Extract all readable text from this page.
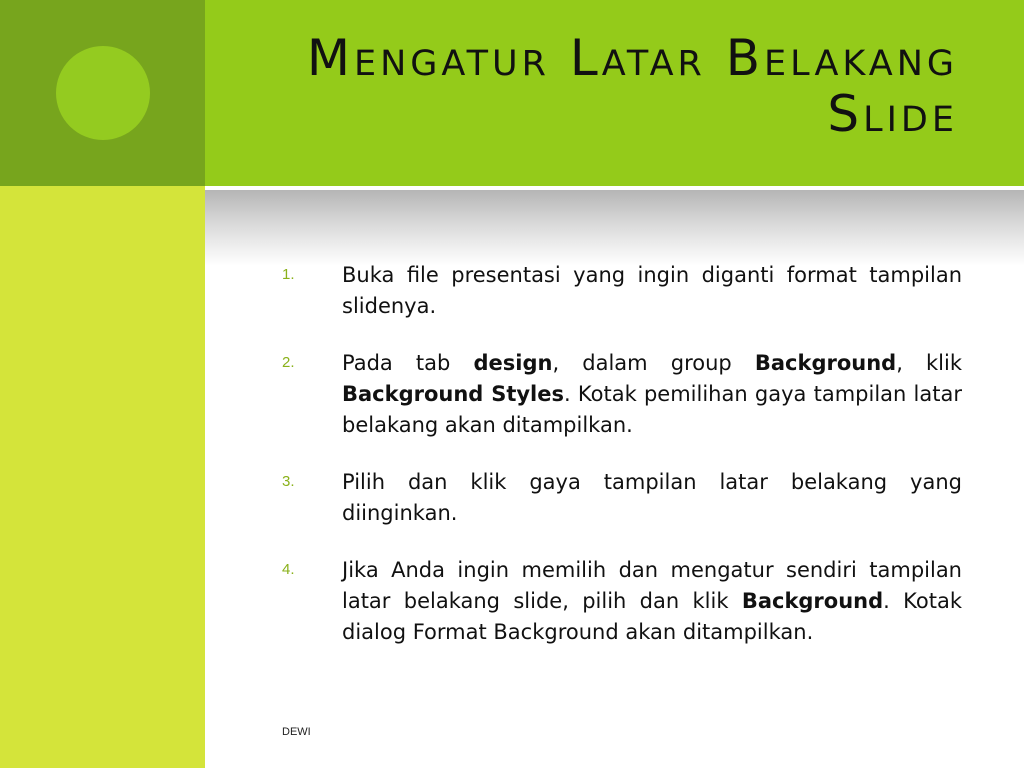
Mengatur Latar Belakang
Slide
1. Buka file presentasi yang ingin diganti format tampilan slidenya.
2. Pada tab design, dalam group Background, klik Background Styles. Kotak pemilihan gaya tampilan latar belakang akan ditampilkan.
3. Pilih dan klik gaya tampilan latar belakang yang diinginkan.
4. Jika Anda ingin memilih dan mengatur sendiri tampilan latar belakang slide, pilih dan klik Background. Kotak dialog Format Background akan ditampilkan.
DEWI
